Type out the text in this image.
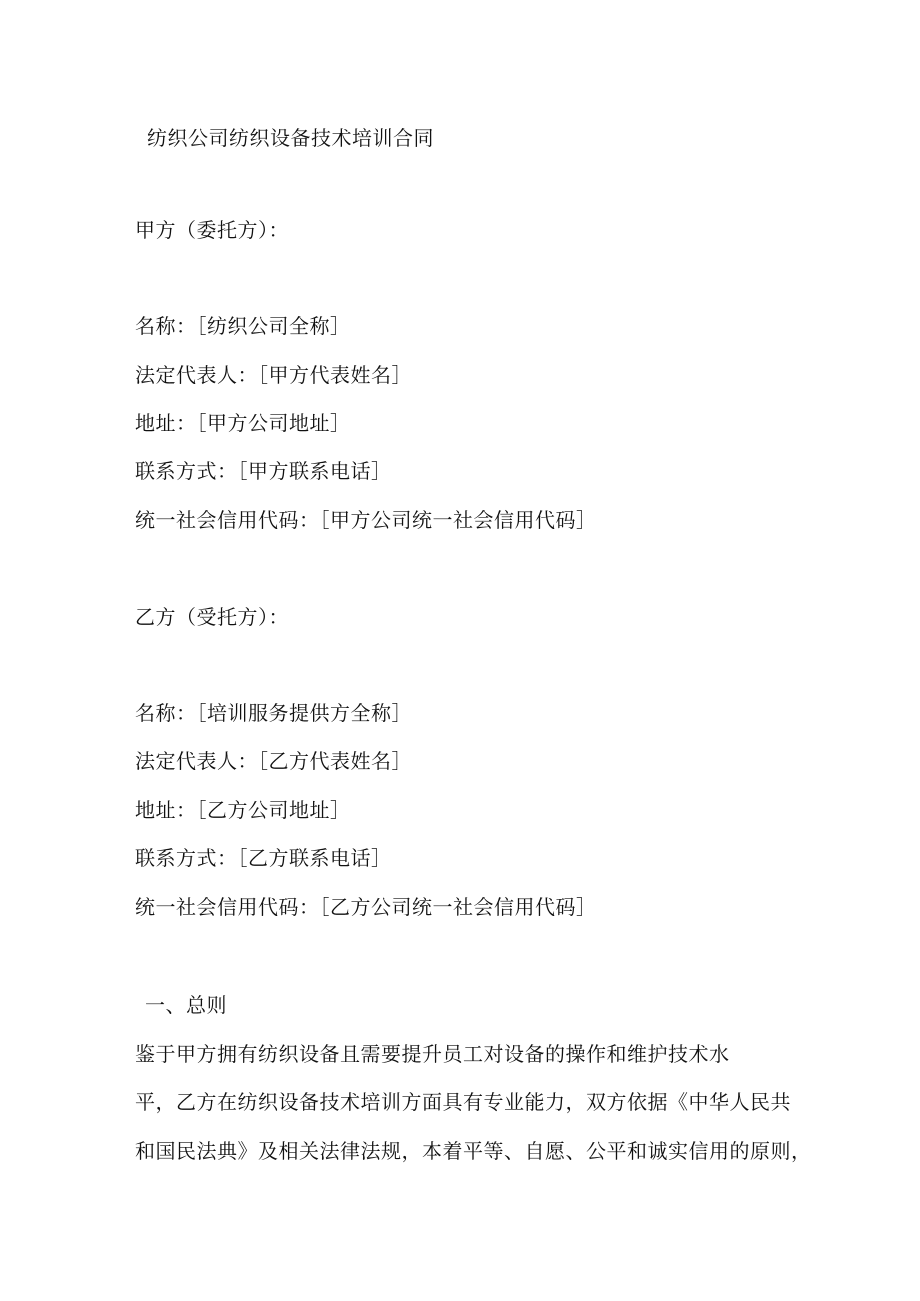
纺织公司纺织设备技术培训合同
甲方（委托方）：
名称：［纺织公司全称］
法定代表人：［甲方代表姓名］
地址：［甲方公司地址］
联系方式：［甲方联系电话］
统一社会信用代码：［甲方公司统一社会信用代码］
乙方（受托方）：
名称：［培训服务提供方全称］
法定代表人：［乙方代表姓名］
地址：［乙方公司地址］
联系方式：［乙方联系电话］
统一社会信用代码：［乙方公司统一社会信用代码］
一、总则
鉴于甲方拥有纺织设备且需要提升员工对设备的操作和维护技术水
平，乙方在纺织设备技术培训方面具有专业能力，双方依据《中华人民共
和国民法典》及相关法律法规，本着平等、自愿、公平和诚实信用的原则，
